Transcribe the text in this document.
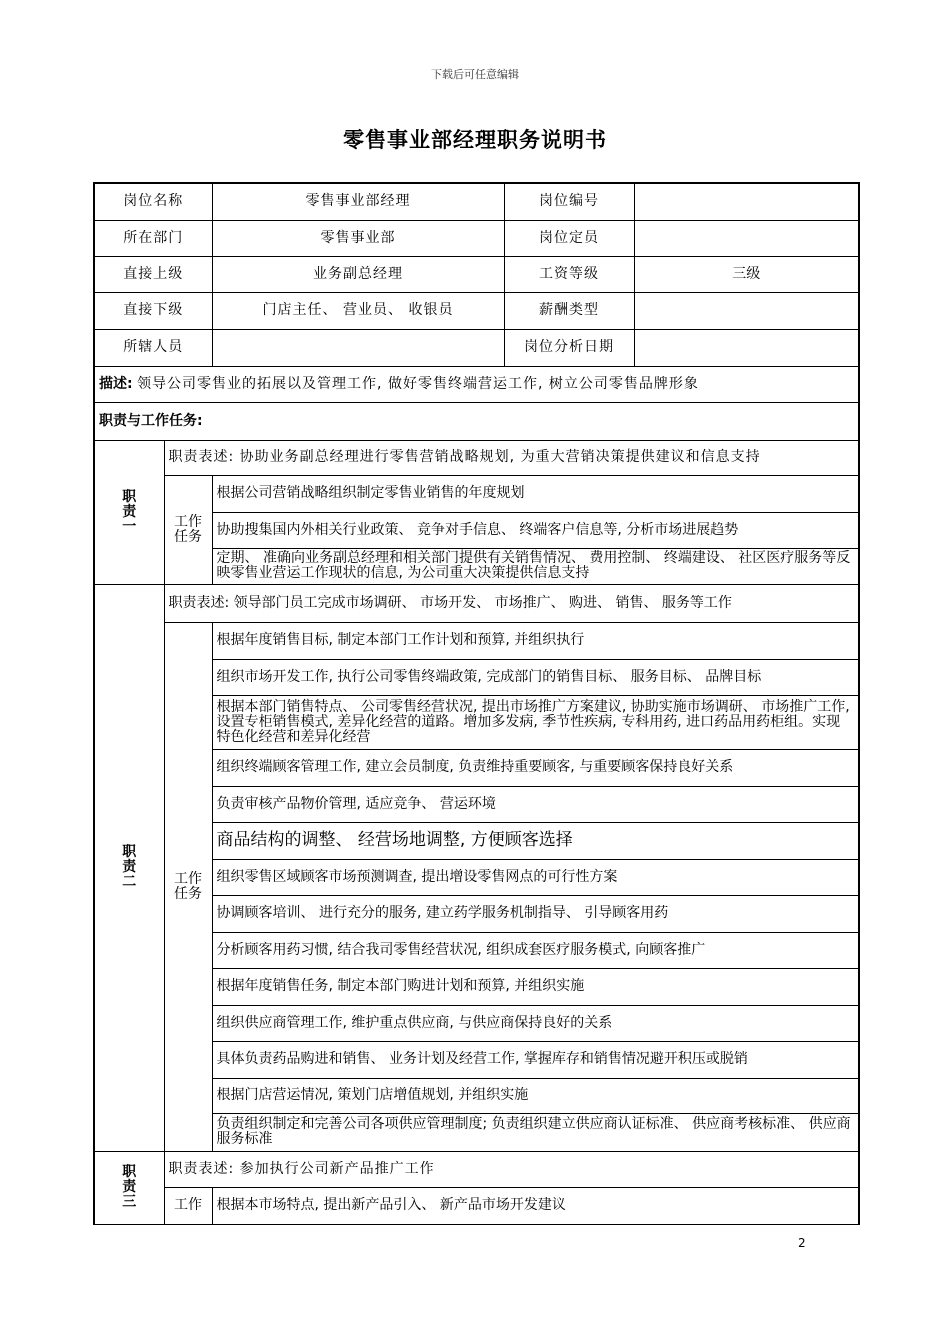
下载后可任意编辑
零售事业部经理职务说明书
岗位名称		零售事业部经理	岗位编号	
所在部门		零售事业部	岗位定员	
直接上级		业务副总经理	工资等级	三级
直接下级		门店主任、 营业员、 收银员	薪酬类型	
所辖人员			岗位分析日期	
描述: 领导公司零售业的拓展以及管理工作, 做好零售终端营运工作, 树立公司零售品牌形象				
职责与工作任务:				

职
责
一	职责表述: 协助业务副总经理进行零售营销战略规划, 为重大营销决策提供建议和信息支持			

	工作
任务	根据公司营销战略组织制定零售业销售的年度规划		
		协助搜集国内外相关行业政策、 竞争对手信息、 终端客户信息等, 分析市场进展趋势		
		定期、 准确向业务副总经理和相关部门提供有关销售情况、 费用控制、 终端建设、 社区医疗服务等反映零售业营运工作现状的信息, 为公司重大决策提供信息支持		

职
责
二	职责表述: 领导部门员工完成市场调研、 市场开发、 市场推广、 购进、 销售、 服务等工作			

	工作
任务	根据年度销售目标, 制定本部门工作计划和预算, 并组织执行		
		组织市场开发工作, 执行公司零售终端政策, 完成部门的销售目标、 服务目标、 品牌目标		
		根据本部门销售特点、 公司零售经营状况, 提出市场推广方案建议, 协助实施市场调研、 市场推广工作, 设置专柜销售模式, 差异化经营的道路。增加多发病, 季节性疾病, 专科用药, 进口药品用药柜组。实现特色化经营和差异化经营		
		组织终端顾客管理工作, 建立会员制度, 负责维持重要顾客, 与重要顾客保持良好关系		
		负责审核产品物价管理, 适应竞争、 营运环境		
		商品结构的调整、 经营场地调整, 方便顾客选择		
		组织零售区域顾客市场预测调查, 提出增设零售网点的可行性方案		
		协调顾客培训、 进行充分的服务, 建立药学服务机制指导、 引导顾客用药		
		分析顾客用药习惯, 结合我司零售经营状况, 组织成套医疗服务模式, 向顾客推广		
		根据年度销售任务, 制定本部门购进计划和预算, 并组织实施		
		组织供应商管理工作, 维护重点供应商, 与供应商保持良好的关系		
		具体负责药品购进和销售、 业务计划及经营工作, 掌握库存和销售情况避开积压或脱销		
		根据门店营运情况, 策划门店增值规划, 并组织实施		
		负责组织制定和完善公司各项供应管理制度; 负责组织建立供应商认证标准、 供应商考核标准、 供应商服务标准		

职
责
三	职责表述: 参加执行公司新产品推广工作			
	工作	根据本市场特点, 提出新产品引入、 新产品市场开发建议		
2
